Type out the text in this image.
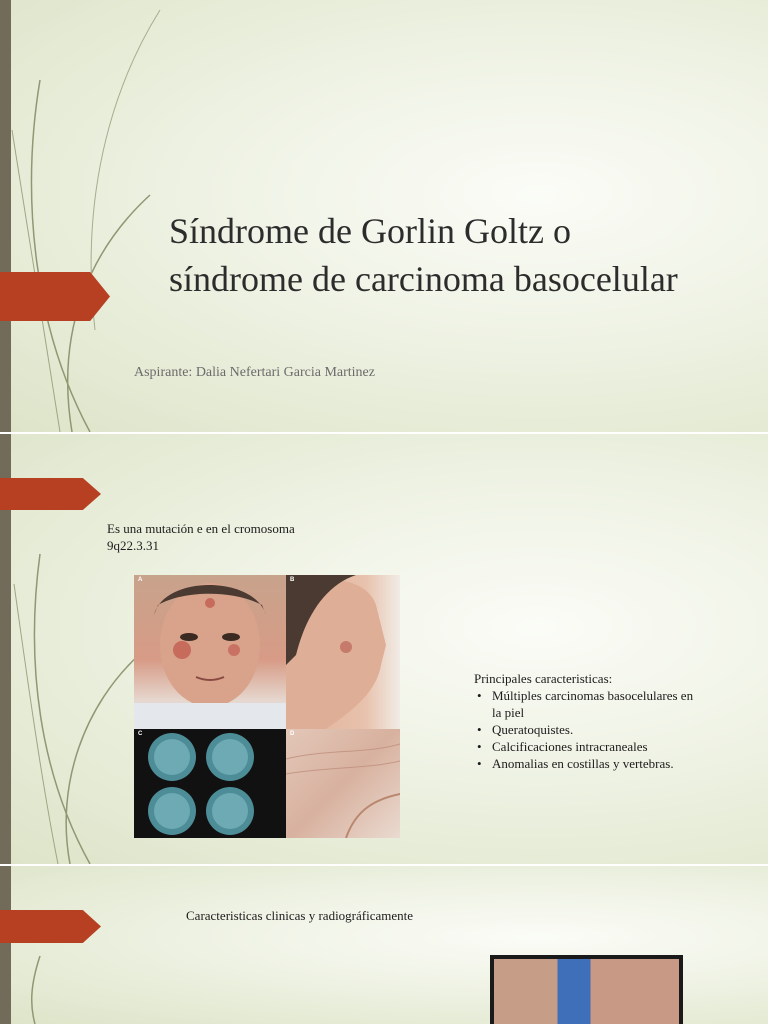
Síndrome de Gorlin Goltz o
síndrome de carcinoma basocelular
Aspirante: Dalia Nefertari Garcia Martinez
Es una mutación e en el cromosoma
9q22.3.31
A	B
C	D
Principales caracteristicas:
• Múltiples carcinomas basocelulares en la piel
• Queratoquistes.
• Calcificaciones intracraneales
• Anomalias en costillas y vertebras.
Caracteristicas clinicas y radiográficamente
